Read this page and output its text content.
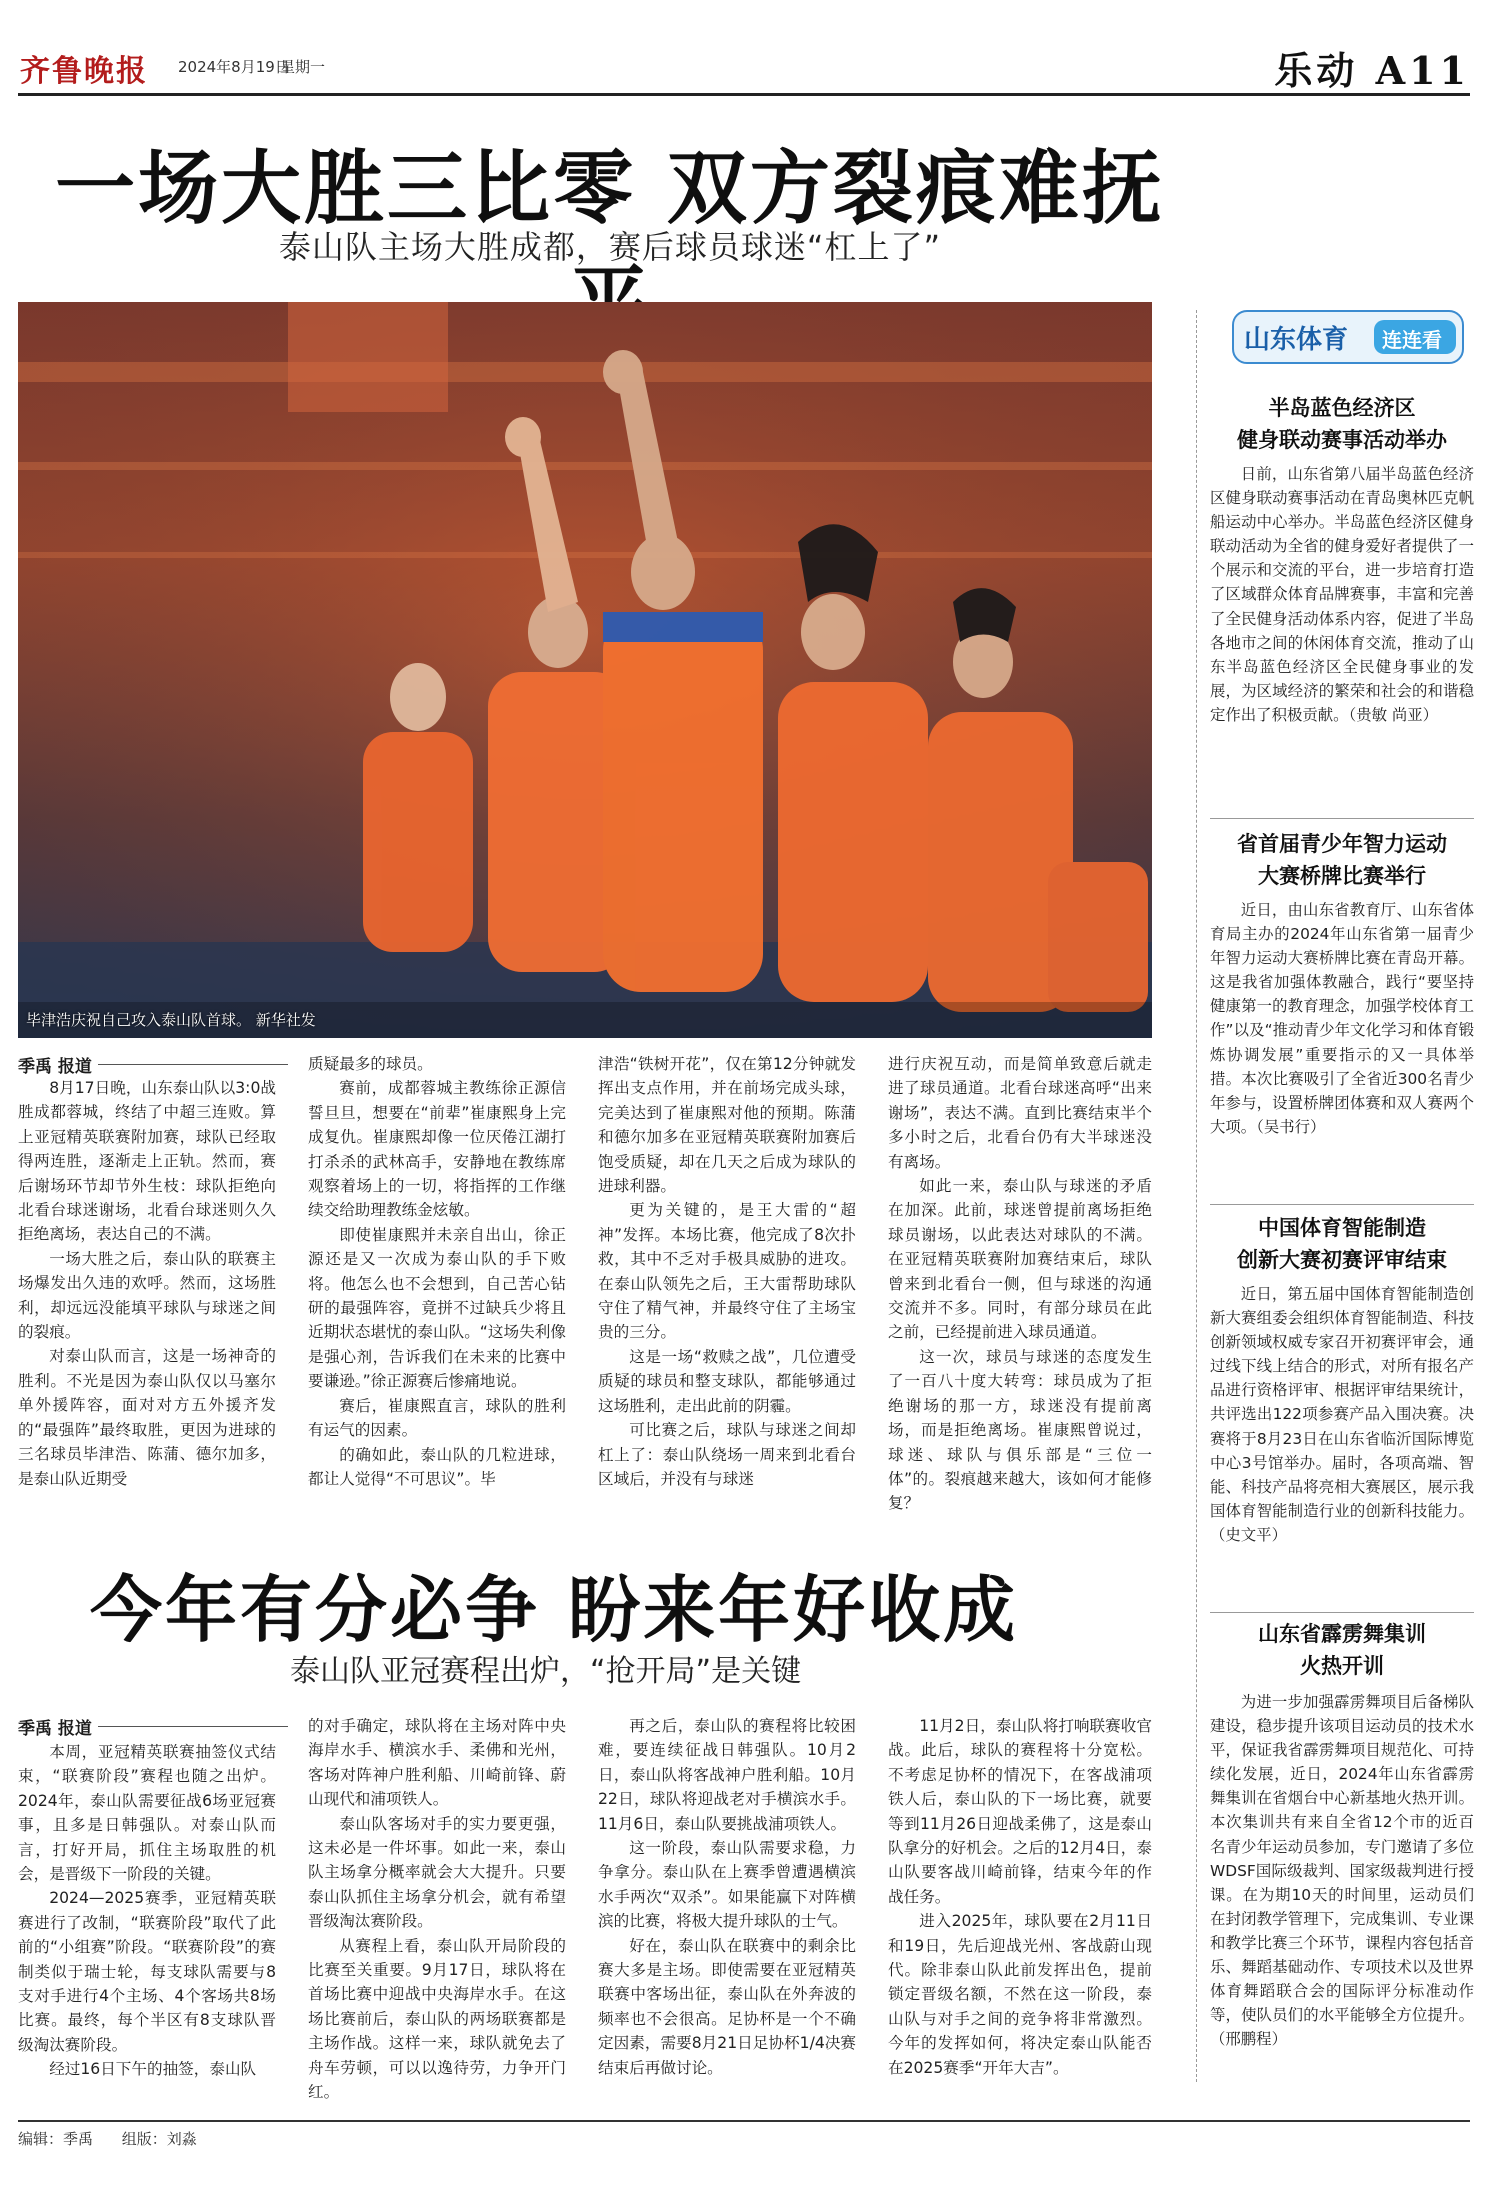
齐鲁晚报 2024年8月19日
星期一	乐动 A11
一场大胜三比零 双方裂痕难抚
泰山队主场大胜成都，赛后球员球迷“杠上了”
毕津浩庆祝自己攻入泰山队首球。 新华社发
季禹 报道

8月17日晚，山东泰山队以3:0战胜成都蓉城，终结了中超三连败。算上亚冠精英联赛附加赛，球队已经取得两连胜，逐渐走上正轨。然而，赛后谢场环节却节外生枝：球队拒绝向北看台球迷谢场，北看台球迷则久久拒绝离场，表达自己的不满。

一场大胜之后，泰山队的联赛主场爆发出久违的欢呼。然而，这场胜利，却远远没能填平球队与球迷之间的裂痕。

对泰山队而言，这是一场神奇的胜利。不光是因为泰山队仅以马塞尔单外援阵容，面对对方五外援齐发的“最强阵”最终取胜，更因为进球的三名球员毕津浩、陈蒲、德尔加多，是泰山队近期受

质疑最多的球员。

赛前，成都蓉城主教练徐正源信誓旦旦，想要在“前辈”崔康熙身上完成复仇。崔康熙却像一位厌倦江湖打打杀杀的武林高手，安静地在教练席观察着场上的一切，将指挥的工作继续交给助理教练金炫敏。

即使崔康熙并未亲自出山，徐正源还是又一次成为泰山队的手下败将。他怎么也不会想到，自己苦心钻研的最强阵容，竟拼不过缺兵少将且近期状态堪忧的泰山队。“这场失利像是强心剂，告诉我们在未来的比赛中要谦逊。”徐正源赛后惨痛地说。

赛后，崔康熙直言，球队的胜利有运气的因素。

的确如此，泰山队的几粒进球，都让人觉得“不可思议”。毕

津浩“铁树开花”，仅在第12分钟就发挥出支点作用，并在前场完成头球，完美达到了崔康熙对他的预期。陈蒲和德尔加多在亚冠精英联赛附加赛后饱受质疑，却在几天之后成为球队的进球利器。

更为关键的，是王大雷的“超神”发挥。本场比赛，他完成了8次扑救，其中不乏对手极具威胁的进攻。在泰山队领先之后，王大雷帮助球队守住了精气神，并最终守住了主场宝贵的三分。

这是一场“救赎之战”，几位遭受质疑的球员和整支球队，都能够通过这场胜利，走出此前的阴霾。

可比赛之后，球队与球迷之间却杠上了：泰山队绕场一周来到北看台区域后，并没有与球迷

进行庆祝互动，而是简单致意后就走进了球员通道。北看台球迷高呼“出来谢场”，表达不满。直到比赛结束半个多小时之后，北看台仍有大半球迷没有离场。

如此一来，泰山队与球迷的矛盾在加深。此前，球迷曾提前离场拒绝球员谢场，以此表达对球队的不满。在亚冠精英联赛附加赛结束后，球队曾来到北看台一侧，但与球迷的沟通交流并不多。同时，有部分球员在此之前，已经提前进入球员通道。

这一次，球员与球迷的态度发生了一百八十度大转弯：球员成为了拒绝谢场的那一方，球迷没有提前离场，而是拒绝离场。崔康熙曾说过，球迷、球队与俱乐部是“三位一体”的。裂痕越来越大，该如何才能修复？

今年有分必争 盼来年好收成
泰山队亚冠赛程出炉，“抢开局”是关键
季禹 报道

本周，亚冠精英联赛抽签仪式结束，“联赛阶段”赛程也随之出炉。2024年，泰山队需要征战6场亚冠赛事，且多是日韩强队。对泰山队而言，打好开局，抓住主场取胜的机会，是晋级下一阶段的关键。

2024—2025赛季，亚冠精英联赛进行了改制，“联赛阶段”取代了此前的“小组赛”阶段。“联赛阶段”的赛制类似于瑞士轮，每支球队需要与8支对手进行4个主场、4个客场共8场比赛。最终，每个半区有8支球队晋级淘汰赛阶段。

经过16日下午的抽签，泰山队

的对手确定，球队将在主场对阵中央海岸水手、横滨水手、柔佛和光州，客场对阵神户胜利船、川崎前锋、蔚山现代和浦项铁人。

泰山队客场对手的实力要更强，这未必是一件坏事。如此一来，泰山队主场拿分概率就会大大提升。只要泰山队抓住主场拿分机会，就有希望晋级淘汰赛阶段。

从赛程上看，泰山队开局阶段的比赛至关重要。9月17日，球队将在首场比赛中迎战中央海岸水手。在这场比赛前后，泰山队的两场联赛都是主场作战。这样一来，球队就免去了舟车劳顿，可以以逸待劳，力争开门红。

再之后，泰山队的赛程将比较困难，要连续征战日韩强队。10月2日，泰山队将客战神户胜利船。10月22日，球队将迎战老对手横滨水手。11月6日，泰山队要挑战浦项铁人。

这一阶段，泰山队需要求稳，力争拿分。泰山队在上赛季曾遭遇横滨水手两次“双杀”。如果能赢下对阵横滨的比赛，将极大提升球队的士气。

好在，泰山队在联赛中的剩余比赛大多是主场。即使需要在亚冠精英联赛中客场出征，泰山队在外奔波的频率也不会很高。足协杯是一个不确定因素，需要8月21日足协杯1/4决赛结束后再做讨论。

11月2日，泰山队将打响联赛收官战。此后，球队的赛程将十分宽松。不考虑足协杯的情况下，在客战浦项铁人后，泰山队的下一场比赛，就要等到11月26日迎战柔佛了，这是泰山队拿分的好机会。之后的12月4日，泰山队要客战川崎前锋，结束今年的作战任务。

进入2025年，球队要在2月11日和19日，先后迎战光州、客战蔚山现代。除非泰山队此前发挥出色，提前锁定晋级名额，不然在这一阶段，泰山队与对手之间的竞争将非常激烈。今年的发挥如何，将决定泰山队能否在2025赛季“开年大吉”。

山东体育 连连看
半岛蓝色经济区
健身联动赛事活动举办

日前，山东省第八届半岛蓝色经济区健身联动赛事活动在青岛奥林匹克帆船运动中心举办。半岛蓝色经济区健身联动活动为全省的健身爱好者提供了一个展示和交流的平台，进一步培育打造了区域群众体育品牌赛事，丰富和完善了全民健身活动体系内容，促进了半岛各地市之间的休闲体育交流，推动了山东半岛蓝色经济区全民健身事业的发展，为区域经济的繁荣和社会的和谐稳定作出了积极贡献。（贵敏 尚亚）

省首届青少年智力运动
大赛桥牌比赛举行

近日，由山东省教育厅、山东省体育局主办的2024年山东省第一届青少年智力运动大赛桥牌比赛在青岛开幕。这是我省加强体教融合，践行“要坚持健康第一的教育理念，加强学校体育工作”以及“推动青少年文化学习和体育锻炼协调发展”重要指示的又一具体举措。本次比赛吸引了全省近300名青少年参与，设置桥牌团体赛和双人赛两个大项。（吴书行）

中国体育智能制造
创新大赛初赛评审结束

近日，第五届中国体育智能制造创新大赛组委会组织体育智能制造、科技创新领域权威专家召开初赛评审会，通过线下线上结合的形式，对所有报名产品进行资格评审、根据评审结果统计，共评选出122项参赛产品入围决赛。决赛将于8月23日在山东省临沂国际博览中心3号馆举办。届时，各项高端、智能、科技产品将亮相大赛展区，展示我国体育智能制造行业的创新科技能力。（史文平）

山东省霹雳舞集训
火热开训

为进一步加强霹雳舞项目后备梯队建设，稳步提升该项目运动员的技术水平，保证我省霹雳舞项目规范化、可持续化发展，近日，2024年山东省霹雳舞集训在省烟台中心新基地火热开训。本次集训共有来自全省12个市的近百名青少年运动员参加，专门邀请了多位WDSF国际级裁判、国家级裁判进行授课。在为期10天的时间里，运动员们在封闭教学管理下，完成集训、专业课和教学比赛三个环节，课程内容包括音乐、舞蹈基础动作、专项技术以及世界体育舞蹈联合会的国际评分标准动作等，使队员们的水平能够全方位提升。（邢鹏程）

编辑：季禹 组版：刘淼
